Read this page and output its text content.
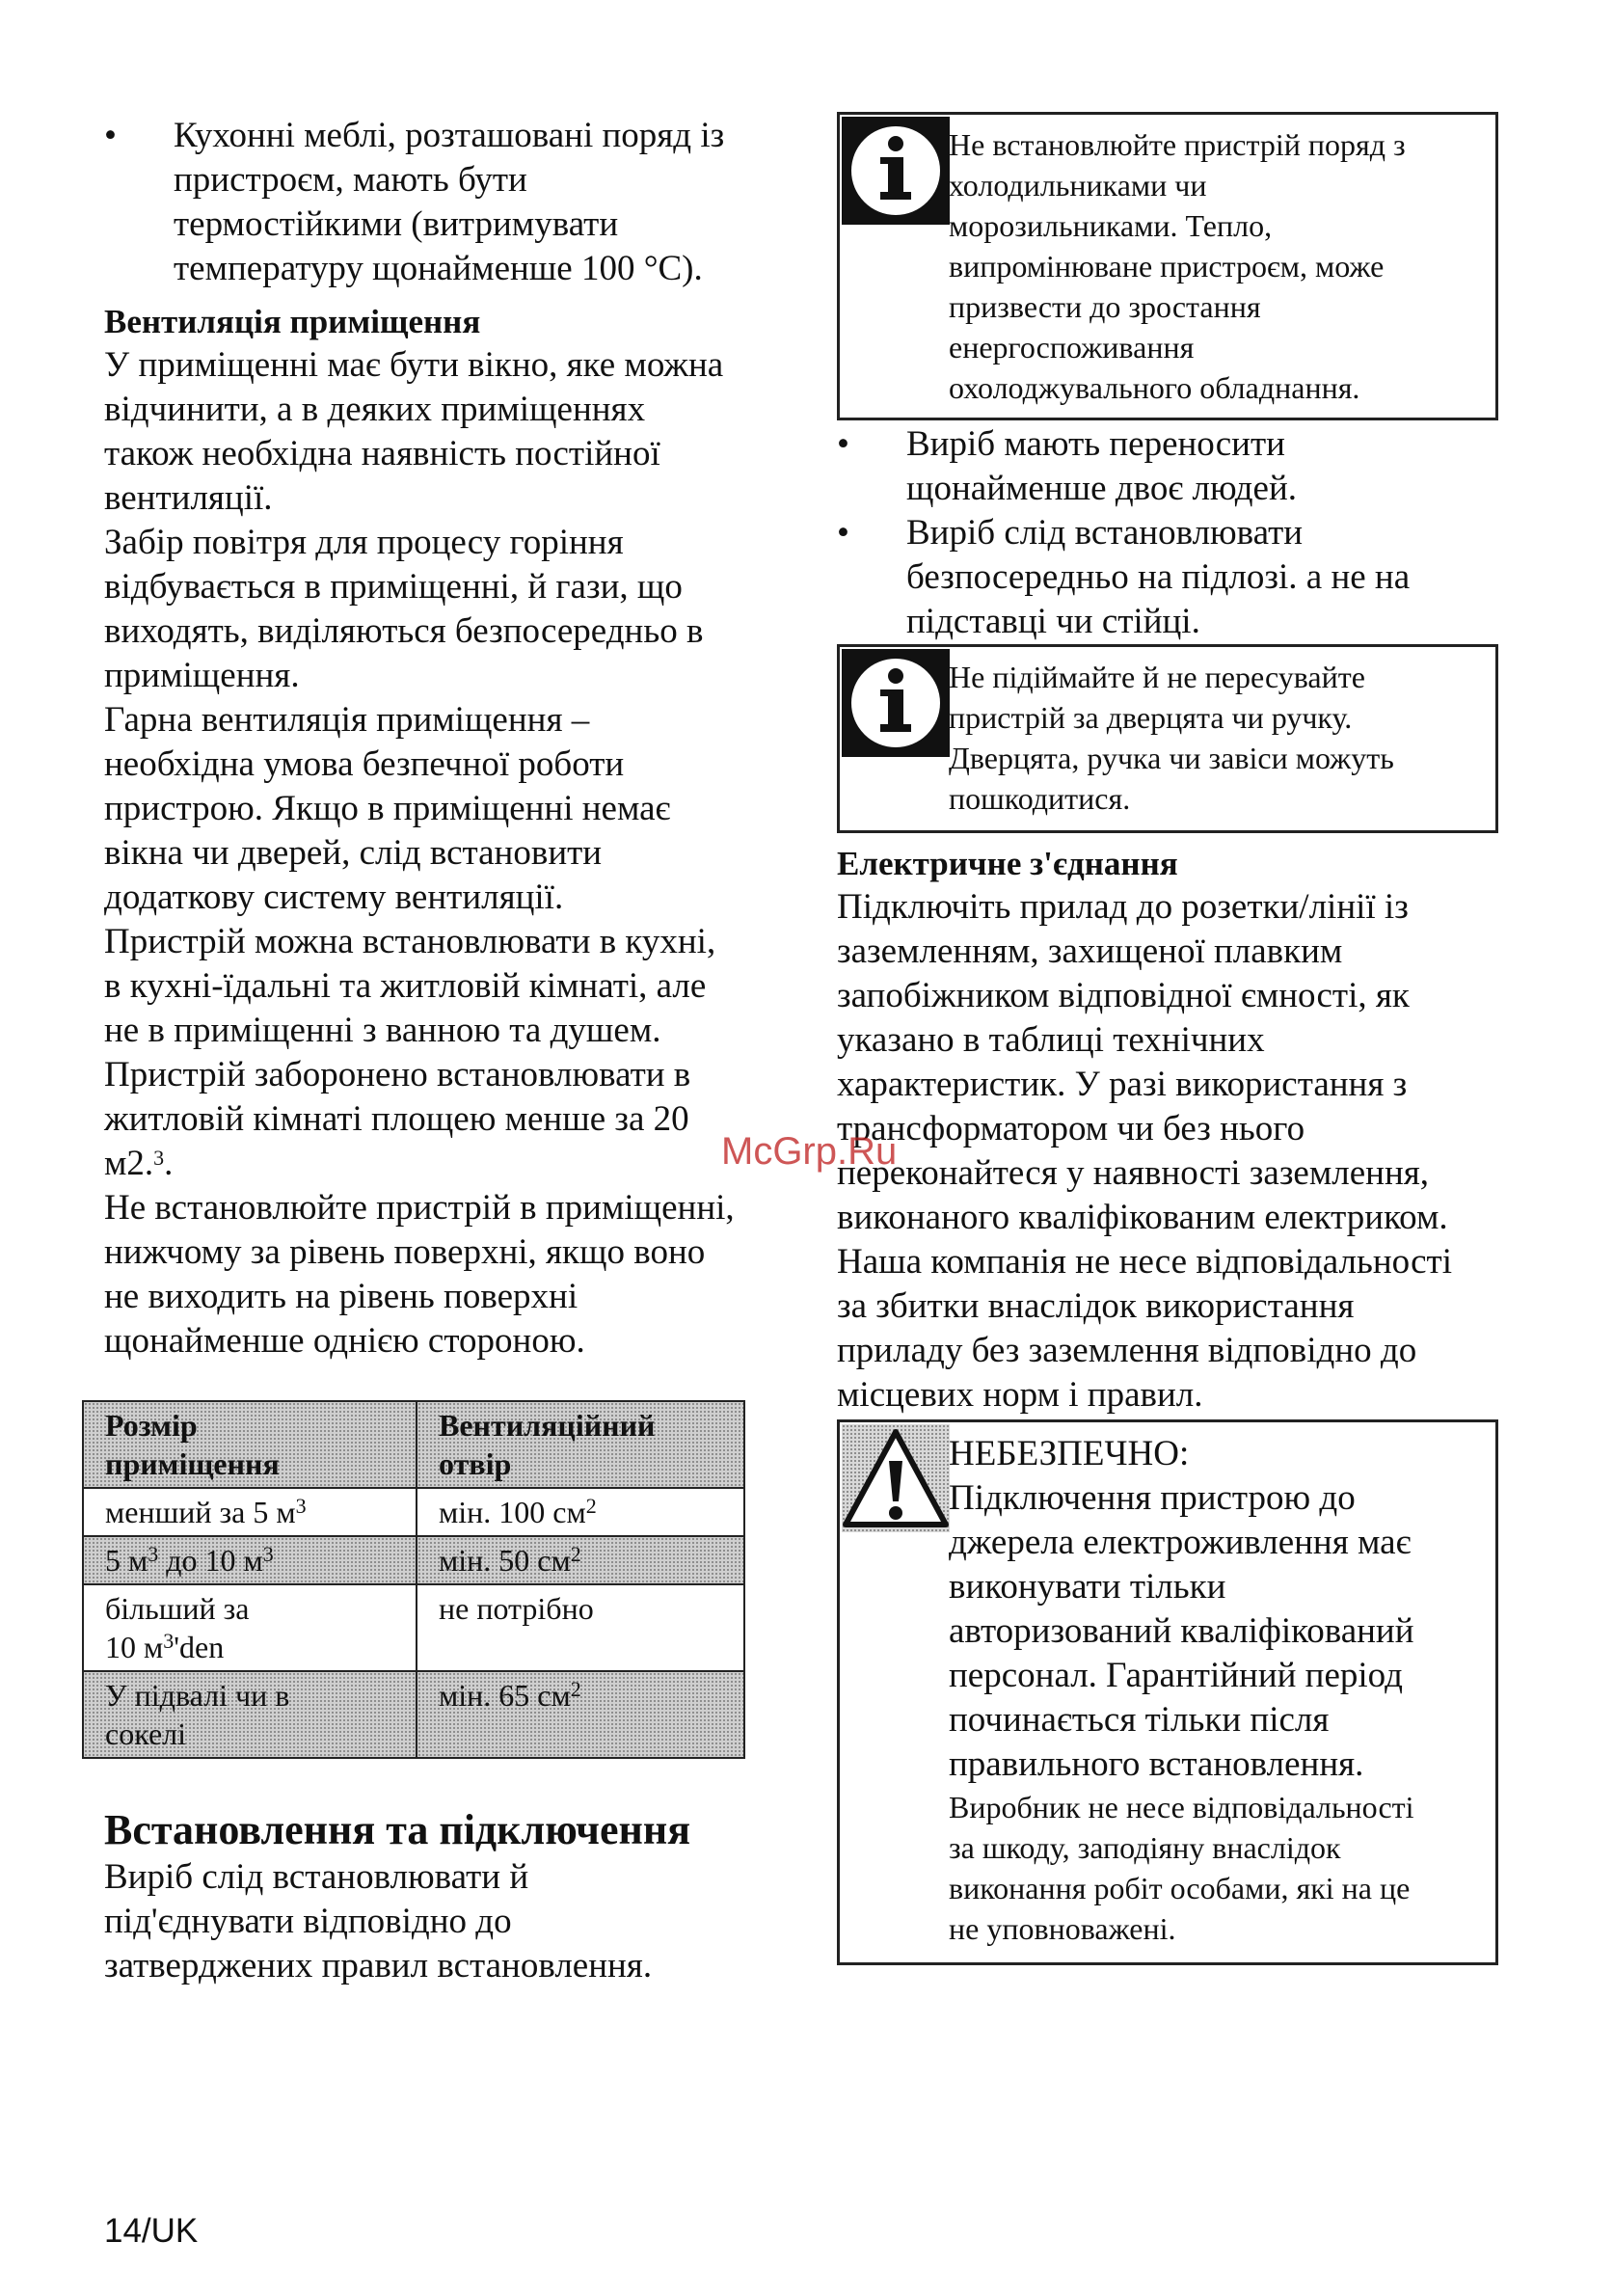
• Кухонні меблі, розташовані поряд із
пристроєм, мають бути
термостійкими (витримувати
температуру щонайменше 100 °C).
Вентиляція приміщення
У приміщенні має бути вікно, яке можна
відчинити, а в деяких приміщеннях
також необхідна наявність постійної
вентиляції.
Забір повітря для процесу горіння
відбувається в приміщенні, й гази, що
виходять, виділяються безпосередньо в
приміщення.
Гарна вентиляція приміщення –
необхідна умова безпечної роботи
пристрою. Якщо в приміщенні немає
вікна чи дверей, слід встановити
додаткову систему вентиляції.
Пристрій можна встановлювати в кухні,
в кухні-їдальні та житловій кімнаті, але
не в приміщенні з ванною та душем.
Пристрій заборонено встановлювати в
житловій кімнаті площею менше за 20
м2.$^3$.
Не встановлюйте пристрій в приміщенні,
нижчому за рівень поверхні, якщо воно
не виходить на рівень поверхні
щонайменше однією стороною.
Розмір
приміщення	Вентиляційний
отвір

менший за 5 $м^3$	мін. 100 $см^2$
5 $м^3$ до 10 $м^3$	мін. 50 $см^2$

більший за
10 $м^3'den$	не потрібно

У підвалі чи в
сокелі	мін. 65 $см^2$
Встановлення та підключення
Виріб слід встановлювати й
під'єднувати відповідно до
затверджених правил встановлення.
Не встановлюйте пристрій поряд з
холодильниками чи
морозильниками. Тепло,
випромінюване пристроєм, може
призвести до зростання
енергоспоживання
охолоджувального обладнання.
• Виріб мають переносити
щонайменше двоє людей.
• Виріб слід встановлювати
безпосередньо на підлозі. а не на
підставці чи стійці.
Не підіймайте й не пересувайте
пристрій за дверцята чи ручку.
Дверцята, ручка чи завіси можуть
пошкодитися.
Електричне з'єднання
Підключіть прилад до розетки/лінії із
заземленням, захищеної плавким
запобіжником відповідної ємності, як
указано в таблиці технічних
характеристик. У разі використання з
трансформатором чи без нього
переконайтеся у наявності заземлення,
виконаного кваліфікованим електриком.
Наша компанія не несе відповідальності
за збитки внаслідок використання
приладу без заземлення відповідно до
місцевих норм і правил.
НЕБЕЗПЕЧНО:
Підключення пристрою до
джерела електроживлення має
виконувати тільки
авторизований кваліфікований
персонал. Гарантійний період
починається тільки після
правильного встановлення.
Виробник не несе відповідальності
за шкоду, заподіяну внаслідок
виконання робіт особами, які на це
не уповноважені.
McGrp.Ru
14/UK
